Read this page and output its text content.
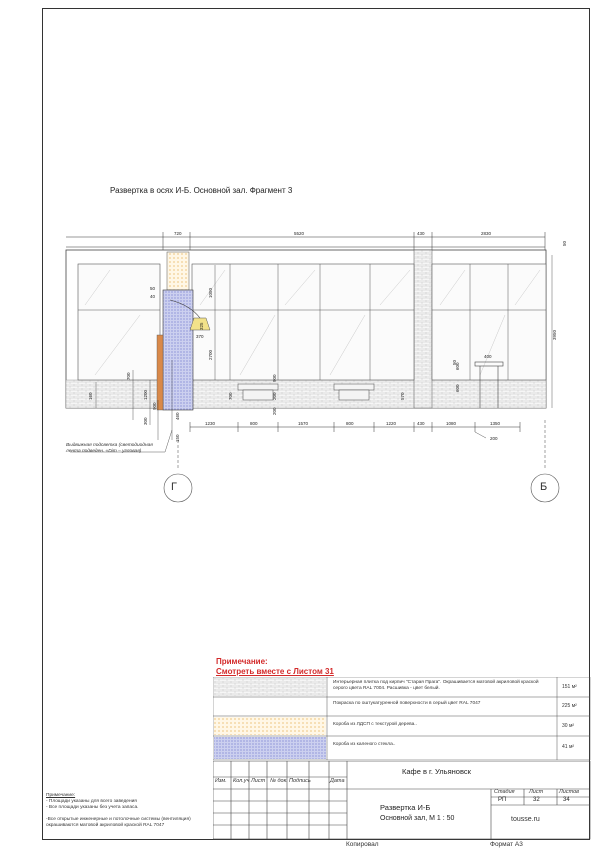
Развертка в осях И-Б. Основной зал. Фрагмент 3
720	5520	430	2830
50
160
1050
2700
700
1200
300
900
460
150
50
40
325
370
900
200
700
200
570
600
400
600
50
3950
1230	800	1570	800	1220	430	1080	1350
200
Выдвижная подсветка (светодиодная лента подведен. «Dim – угловая)
Г	Б
Примечание:
Смотреть вместе с Листом 31
Интерьерная плитка под кирпич "Старая Прага". Окрашивается матовой акриловой краской серого цвета RAL 7004. Расшивка - цвет белый.	151 м²
Покраска по оштукатуренной поверхности в серый цвет RAL 7047	225 м²
Короба из ЛДСП с текстурой дерева..	30 м²
Короба из каленого стекла..	41 м²
Примечание:
- Площади указаны для всего заведения
- Все площади указаны без учета запаса.
-Все открытые инженерные и потолочные системы (вентиляция) окрашиваются матовой акриловой краской RAL 7047
Изм. Кол.уч Лист № док. Подпись	Дата
Кафе в г. Ульяновск
Развертка И-Б
Основной зал, М 1 : 50
Стадия	Лист	Листов
РП	32	34
tousse.ru
Копировал	Формат А3
